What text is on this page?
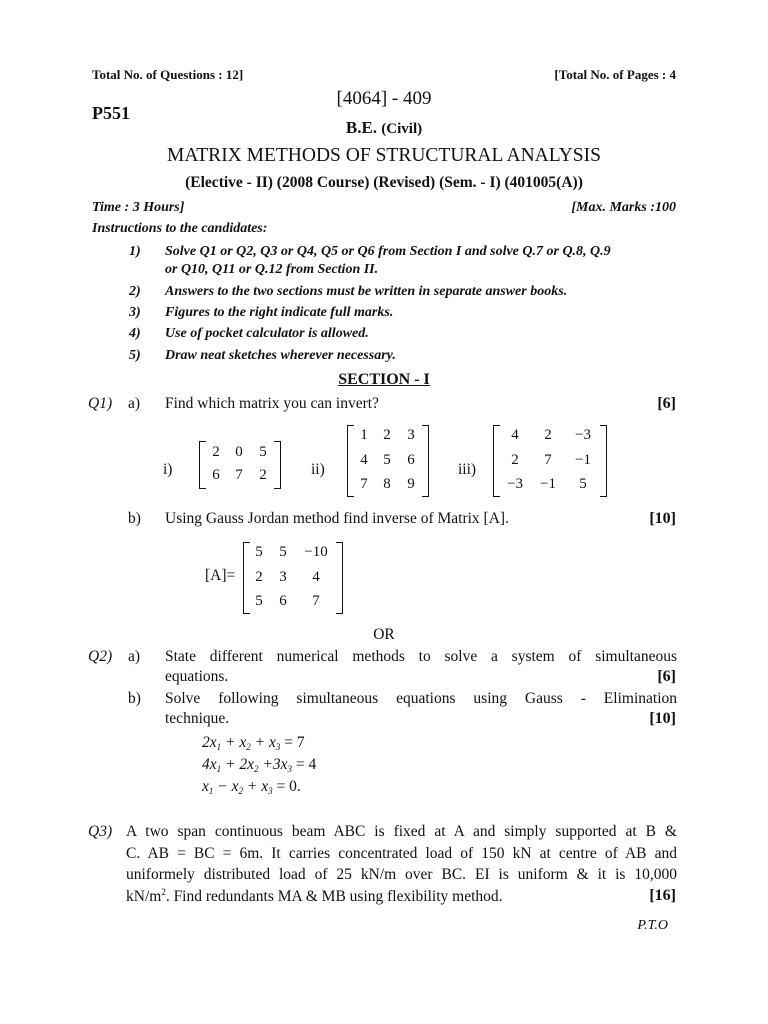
Total No. of Questions : 12]	[Total No. of Pages : 4
P551
[4064] - 409
B.E. (Civil)
MATRIX METHODS OF STRUCTURAL ANALYSIS
(Elective - II) (2008 Course) (Revised) (Sem. - I) (401005(A))
Time : 3 Hours]	[Max. Marks :100
Instructions to the candidates:
1) Solve Q1 or Q2, Q3 or Q4, Q5 or Q6 from Section I and solve Q.7 or Q.8, Q.9
or Q10, Q11 or Q.12 from Section II.
2) Answers to the two sections must be written in separate answer books.
3) Figures to the right indicate full marks.
4) Use of pocket calculator is allowed.
5) Draw neat sketches wherever necessary.
SECTION - I
Q1) a) Find which matrix you can invert?	[6]
i)
2	0	5
6	7	2	ii)
1	2	3
4	5	6
7	8	9
iii)
4	2	−3
2	7	−1
−3	−1	5
b) Using Gauss Jordan method find inverse of Matrix [A].	[10]
[A]=
5	5	−10
2	3	4
5	6	7
OR
Q2) a) State different numerical methods to solve a system of simultaneous
equations.	[6]
b) Solve following simultaneous equations using Gauss - Elimination
technique.	[10]
$2x_1 + x_2 + x_3 = 7$
$4x_1 + 2x_2 +3x_3 = 4$
$x_1 - x_2 + x_3 = 0$.
Q3) A two span continuous beam ABC is fixed at A and simply supported at B &
C. AB = BC = 6m. It carries concentrated load of 150 kN at centre of AB and
uniformely distributed load of 25 kN/m over BC. EI is uniform & it is 10,000
$kN/m^2$. Find redundants MA & MB using flexibility method.	[16]
P.T.O
